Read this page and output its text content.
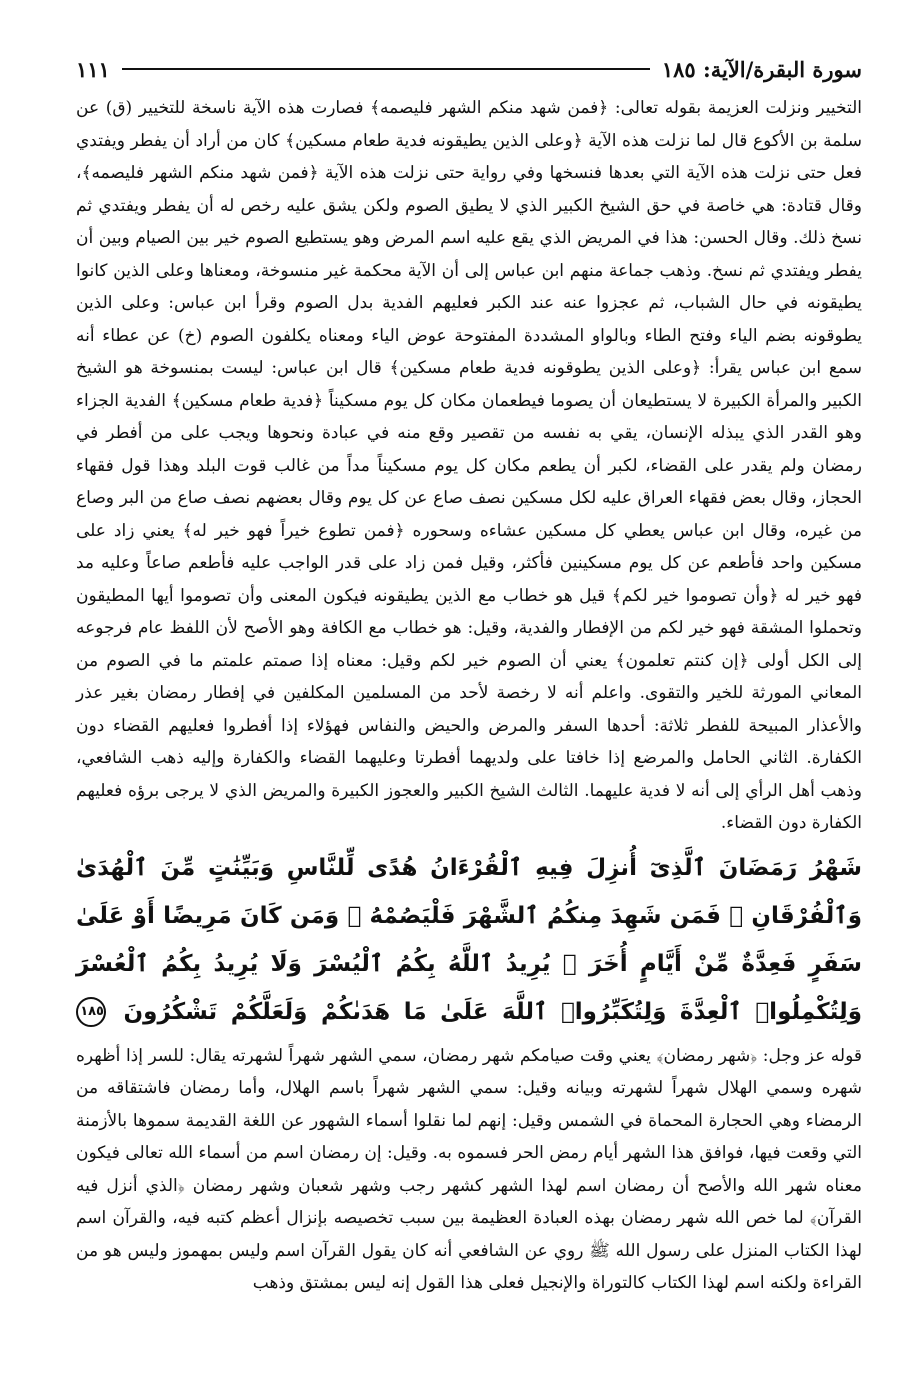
سورة البقرة/الآية: ١٨٥
١١١

التخيير ونزلت العزيمة بقوله تعالى: ﴿فمن شهد منكم الشهر فليصمه﴾ فصارت هذه الآية ناسخة للتخيير (ق) عن سلمة بن الأكوع قال لما نزلت هذه الآية ﴿وعلى الذين يطيقونه فدية طعام مسكين﴾ كان من أراد أن يفطر ويفتدي فعل حتى نزلت هذه الآية التي بعدها فنسخها وفي رواية حتى نزلت هذه الآية ﴿فمن شهد منكم الشهر فليصمه﴾، وقال قتادة: هي خاصة في حق الشيخ الكبير الذي لا يطيق الصوم ولكن يشق عليه رخص له أن يفطر ويفتدي ثم نسخ ذلك. وقال الحسن: هذا في المريض الذي يقع عليه اسم المرض وهو يستطيع الصوم خير بين الصيام وبين أن يفطر ويفتدي ثم نسخ. وذهب جماعة منهم ابن عباس إلى أن الآية محكمة غير منسوخة، ومعناها وعلى الذين كانوا يطيقونه في حال الشباب، ثم عجزوا عنه عند الكبر فعليهم الفدية بدل الصوم وقرأ ابن عباس: وعلى الذين يطوقونه بضم الياء وفتح الطاء وبالواو المشددة المفتوحة عوض الياء ومعناه يكلفون الصوم (خ) عن عطاء أنه سمع ابن عباس يقرأ: ﴿وعلى الذين يطوقونه فدية طعام مسكين﴾ قال ابن عباس: ليست بمنسوخة هو الشيخ الكبير والمرأة الكبيرة لا يستطيعان أن يصوما فيطعمان مكان كل يوم مسكيناً ﴿فدية طعام مسكين﴾ الفدية الجزاء وهو القدر الذي يبذله الإنسان، يقي به نفسه من تقصير وقع منه في عبادة ونحوها ويجب على من أفطر في رمضان ولم يقدر على القضاء، لكبر أن يطعم مكان كل يوم مسكيناً مداً من غالب قوت البلد وهذا قول فقهاء الحجاز، وقال بعض فقهاء العراق عليه لكل مسكين نصف صاع عن كل يوم وقال بعضهم نصف صاع من البر وصاع من غيره، وقال ابن عباس يعطي كل مسكين عشاءه وسحوره ﴿فمن تطوع خيراً فهو خير له﴾ يعني زاد على مسكين واحد فأطعم عن كل يوم مسكينين فأكثر، وقيل فمن زاد على قدر الواجب عليه فأطعم صاعاً وعليه مد فهو خير له ﴿وأن تصوموا خير لكم﴾ قيل هو خطاب مع الذين يطيقونه فيكون المعنى وأن تصوموا أيها المطيقون وتحملوا المشقة فهو خير لكم من الإفطار والفدية، وقيل: هو خطاب مع الكافة وهو الأصح لأن اللفظ عام فرجوعه إلى الكل أولى ﴿إن كنتم تعلمون﴾ يعني أن الصوم خير لكم وقيل: معناه إذا صمتم علمتم ما في الصوم من المعاني المورثة للخير والتقوى. واعلم أنه لا رخصة لأحد من المسلمين المكلفين في إفطار رمضان بغير عذر والأعذار المبيحة للفطر ثلاثة: أحدها السفر والمرض والحيض والنفاس فهؤلاء إذا أفطروا فعليهم القضاء دون الكفارة. الثاني الحامل والمرضع إذا خافتا على ولديهما أفطرتا وعليهما القضاء والكفارة وإليه ذهب الشافعي، وذهب أهل الرأي إلى أنه لا فدية عليهما. الثالث الشيخ الكبير والعجوز الكبيرة والمريض الذي لا يرجى برؤه فعليهم الكفارة دون القضاء.

شَهْرُ رَمَضَانَ ٱلَّذِىٓ أُنزِلَ فِيهِ ٱلْقُرْءَانُ هُدًى لِّلنَّاسِ وَبَيِّنَٰتٍ مِّنَ ٱلْهُدَىٰ وَٱلْفُرْقَانِ ۚ فَمَن شَهِدَ مِنكُمُ ٱلشَّهْرَ فَلْيَصُمْهُ ۖ وَمَن كَانَ مَرِيضًا أَوْ عَلَىٰ سَفَرٍ فَعِدَّةٌ مِّنْ أَيَّامٍ أُخَرَ ۗ يُرِيدُ ٱللَّهُ بِكُمُ ٱلْيُسْرَ وَلَا يُرِيدُ بِكُمُ ٱلْعُسْرَ وَلِتُكْمِلُوا۟ ٱلْعِدَّةَ وَلِتُكَبِّرُوا۟ ٱللَّهَ عَلَىٰ مَا هَدَىٰكُمْ وَلَعَلَّكُمْ تَشْكُرُونَ ١٨٥

قوله عز وجل: ﴿شهر رمضان﴾ يعني وقت صيامكم شهر رمضان، سمي الشهر شهراً لشهرته يقال: للسر إذا أظهره شهره وسمي الهلال شهراً لشهرته وبيانه وقيل: سمي الشهر شهراً باسم الهلال، وأما رمضان فاشتقاقه من الرمضاء وهي الحجارة المحماة في الشمس وقيل: إنهم لما نقلوا أسماء الشهور عن اللغة القديمة سموها بالأزمنة التي وقعت فيها، فوافق هذا الشهر أيام رمض الحر فسموه به. وقيل: إن رمضان اسم من أسماء الله تعالى فيكون معناه شهر الله والأصح أن رمضان اسم لهذا الشهر كشهر رجب وشهر شعبان وشهر رمضان ﴿الذي أنزل فيه القرآن﴾ لما خص الله شهر رمضان بهذه العبادة العظيمة بين سبب تخصيصه بإنزال أعظم كتبه فيه، والقرآن اسم لهذا الكتاب المنزل على رسول الله ﷺ روي عن الشافعي أنه كان يقول القرآن اسم وليس بمهموز وليس هو من القراءة ولكنه اسم لهذا الكتاب كالتوراة والإنجيل فعلى هذا القول إنه ليس بمشتق وذهب
